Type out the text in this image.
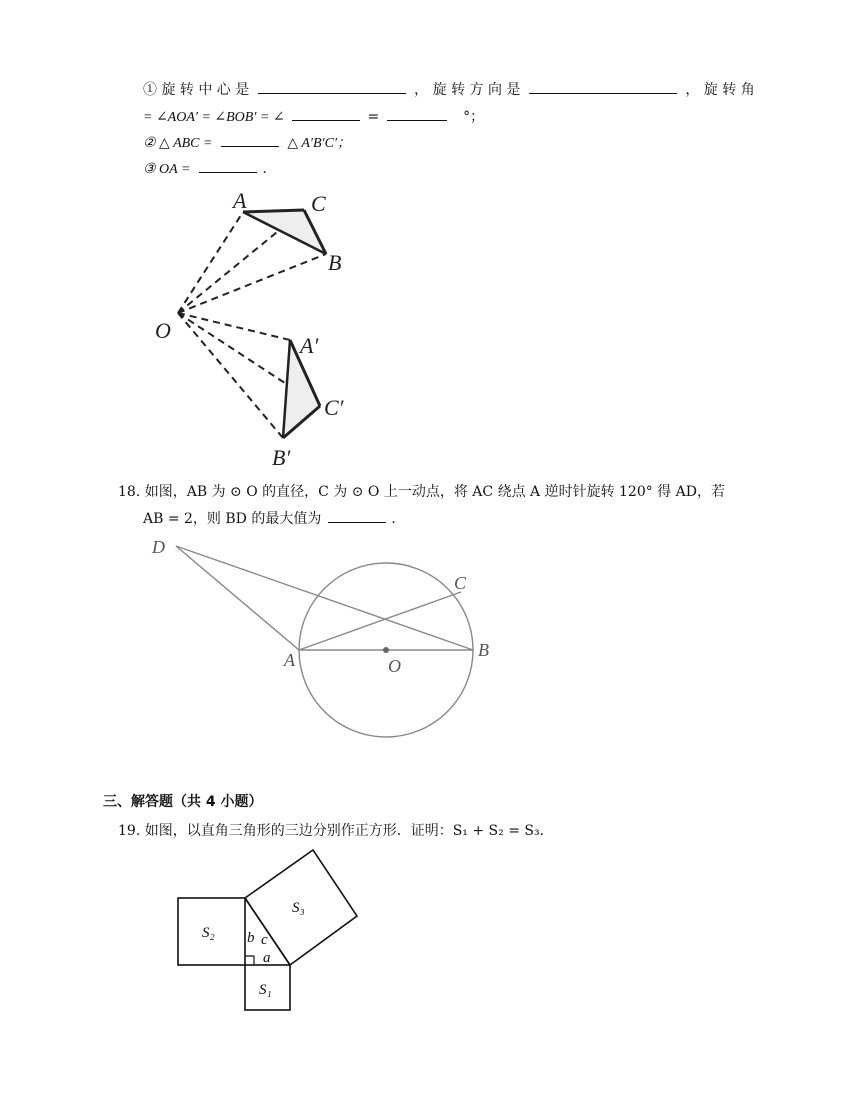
① 旋 转 中 心 是	， 旋 转 方 向 是	， 旋 转 角
= ∠AOA′ = ∠BOB′ = ∠	=	°；
② △ ABC =	△ A′B′C′；
③ OA =	.
A	C
B
O
A′
C′
B′
18. 如图，AB 为 ⊙ O 的直径，C 为 ⊙ O 上一动点，将 AC 绕点 A 逆时针旋转 120° 得 AD，若
AB = 2，则 BD 的最大值为	.
D
C
A	O
B
三、解答题（共 4 小题）
19. 如图，以直角三角形的三边分别作正方形．证明：S₁ + S₂ = S₃．
S₂
S₁
S₃
b c
a
